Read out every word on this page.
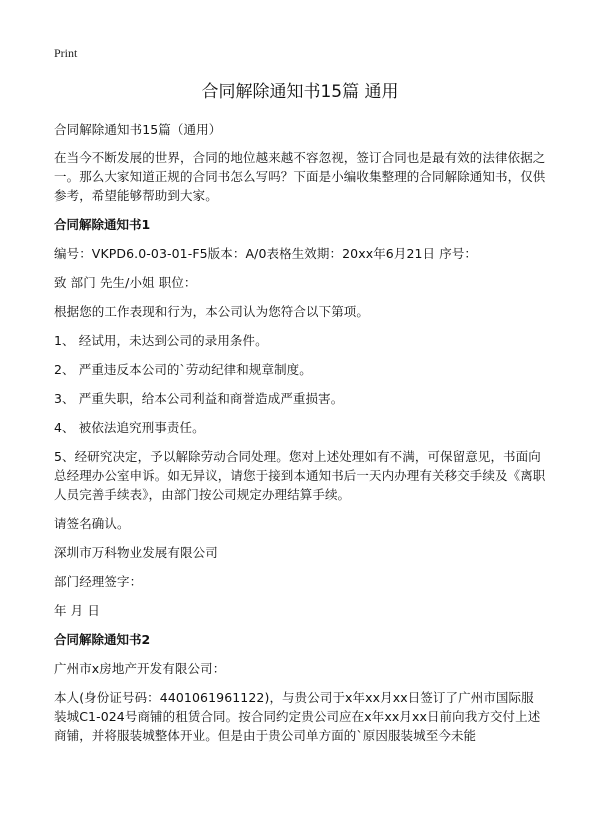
Print
合同解除通知书15篇 通用

合同解除通知书15篇（通用）

在当今不断发展的世界，合同的地位越来越不容忽视，签订合同也是最有效的法律依据之一。那么大家知道正规的合同书怎么写吗？下面是小编收集整理的合同解除通知书，仅供参考，希望能够帮助到大家。

合同解除通知书1

编号：VKPD6.0-03-01-F5版本：A/0表格生效期：20xx年6月21日 序号：

致 部门 先生/小姐 职位：

根据您的工作表现和行为，本公司认为您符合以下第项。

1、 经试用，未达到公司的录用条件。

2、 严重违反本公司的`劳动纪律和规章制度。

3、 严重失职，给本公司利益和商誉造成严重损害。

4、 被依法追究刑事责任。

5、经研究决定，予以解除劳动合同处理。您对上述处理如有不满，可保留意见，书面向总经理办公室申诉。如无异议，请您于接到本通知书后一天内办理有关移交手续及《离职人员完善手续表》，由部门按公司规定办理结算手续。

请签名确认。

深圳市万科物业发展有限公司

部门经理签字：

年 月 日

合同解除通知书2

广州市x房地产开发有限公司：

本人(身份证号码：4401061961122)，与贵公司于x年xx月xx日签订了广州市国际服装城C1-024号商铺的租赁合同。按合同约定贵公司应在x年xx月xx日前向我方交付上述商铺，并将服装城整体开业。但是由于贵公司单方面的`原因服装城至今未能
